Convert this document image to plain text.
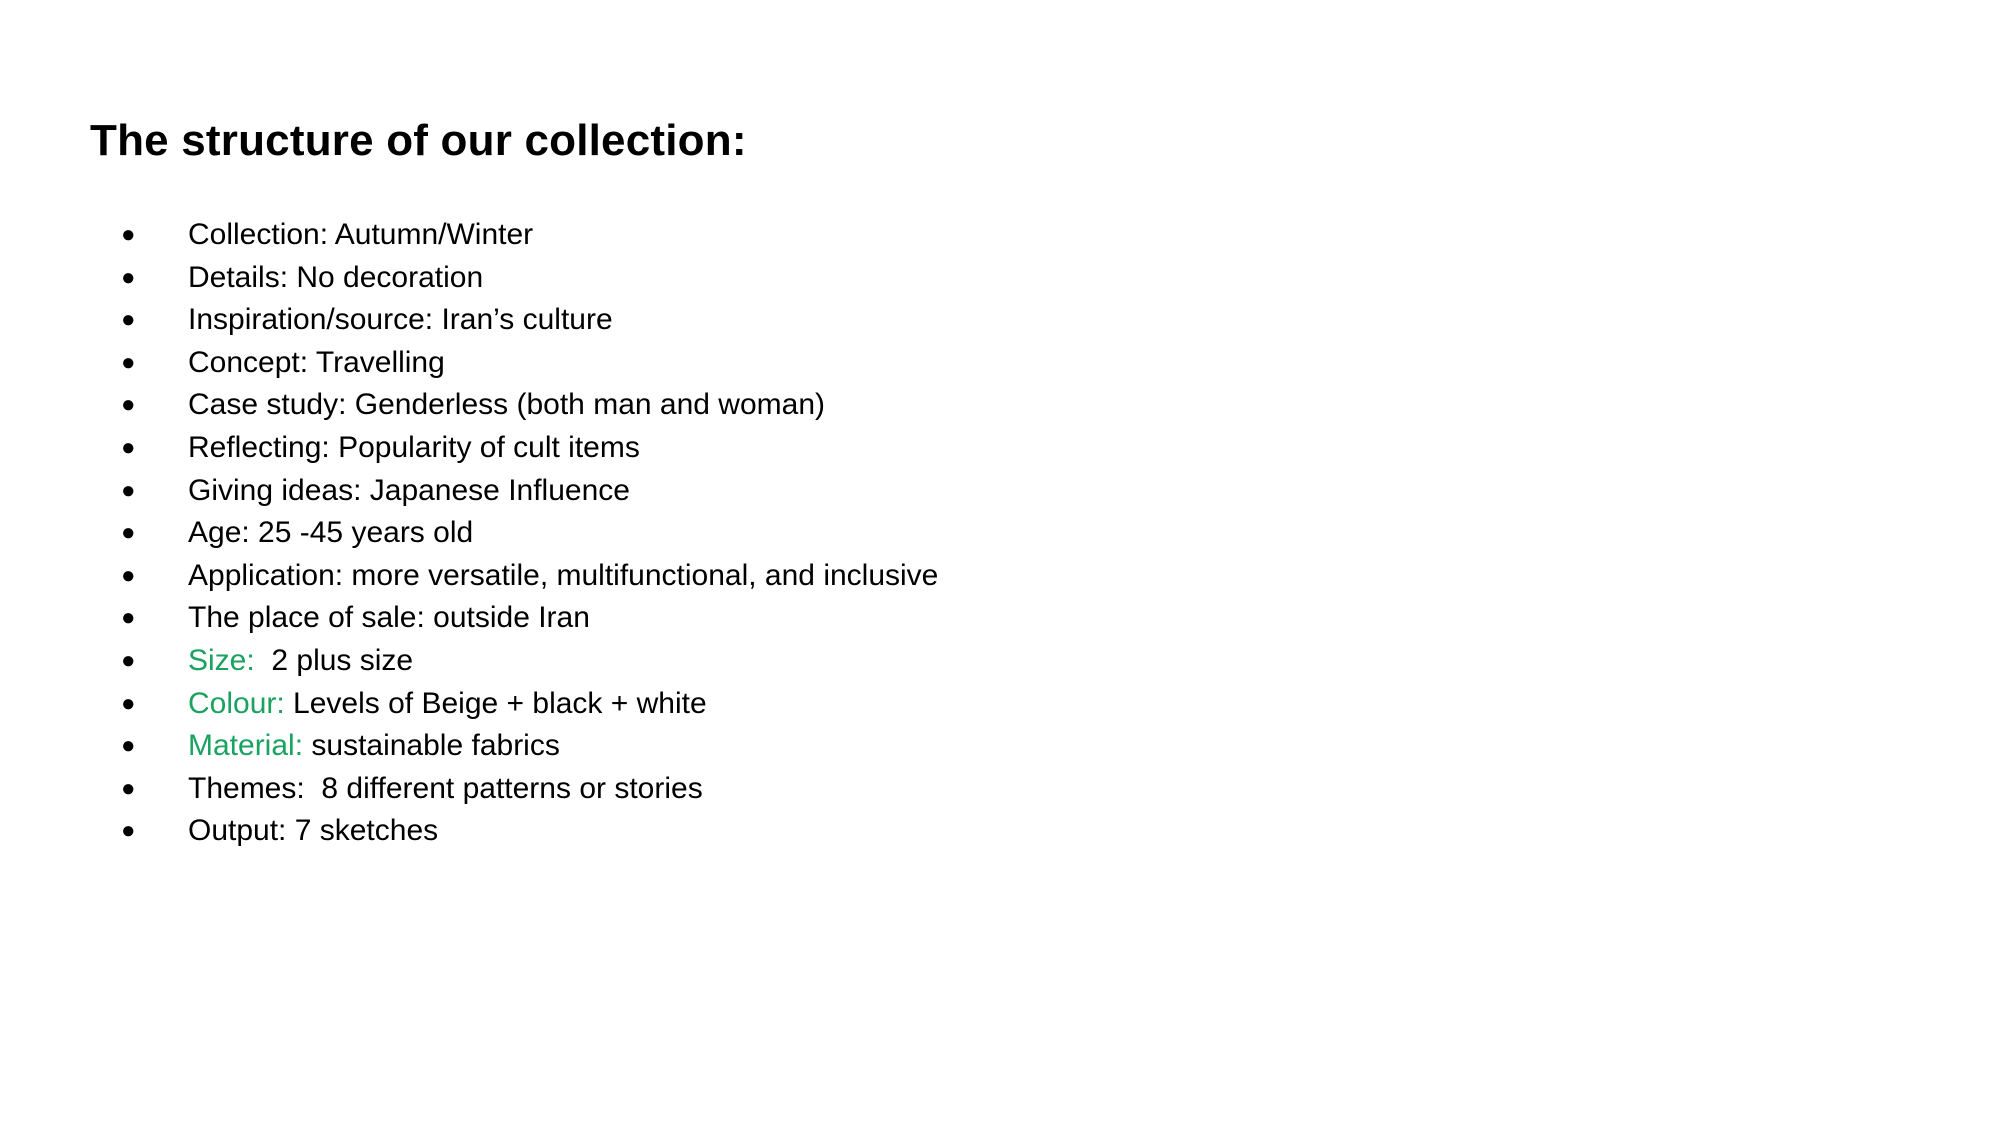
The structure of our collection:
● Collection: Autumn/Winter
● Details: No decoration
● Inspiration/source: Iran’s culture
● Concept: Travelling
● Case study: Genderless (both man and woman)
● Reflecting: Popularity of cult items
● Giving ideas: Japanese Influence
● Age: 25 -45 years old
● Application: more versatile, multifunctional, and inclusive
● The place of sale: outside Iran
● Size:  2 plus size
● Colour: Levels of Beige + black + white
● Material: sustainable fabrics
● Themes:  8 different patterns or stories
● Output: 7 sketches
